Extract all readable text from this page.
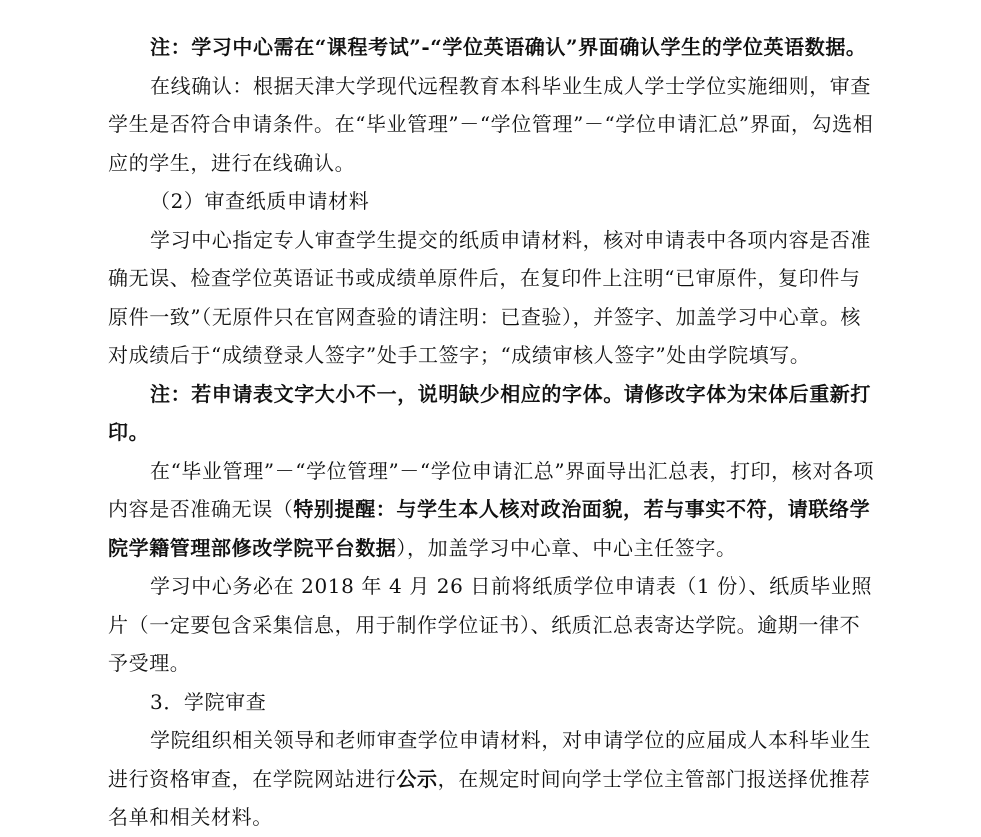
注：学习中心需在“课程考试”-“学位英语确认”界面确认学生的学位英语数据。

在线确认：根据天津大学现代远程教育本科毕业生成人学士学位实施细则，审查学生是否符合申请条件。在“毕业管理”－“学位管理”－“学位申请汇总”界面，勾选相应的学生，进行在线确认。

（2）审查纸质申请材料

学习中心指定专人审查学生提交的纸质申请材料，核对申请表中各项内容是否准确无误、检查学位英语证书或成绩单原件后，在复印件上注明“已审原件，复印件与原件一致”（无原件只在官网查验的请注明：已查验），并签字、加盖学习中心章。核对成绩后于“成绩登录人签字”处手工签字；“成绩审核人签字”处由学院填写。

注：若申请表文字大小不一，说明缺少相应的字体。请修改字体为宋体后重新打印。

在“毕业管理”－“学位管理”－“学位申请汇总”界面导出汇总表，打印，核对各项内容是否准确无误（特别提醒：与学生本人核对政治面貌，若与事实不符，请联络学院学籍管理部修改学院平台数据），加盖学习中心章、中心主任签字。

学习中心务必在 2018 年 4 月 26 日前将纸质学位申请表（1 份）、纸质毕业照片（一定要包含采集信息，用于制作学位证书）、纸质汇总表寄达学院。逾期一律不予受理。

3．学院审查

学院组织相关领导和老师审查学位申请材料，对申请学位的应届成人本科毕业生进行资格审查，在学院网站进行公示，在规定时间向学士学位主管部门报送择优推荐名单和相关材料。
